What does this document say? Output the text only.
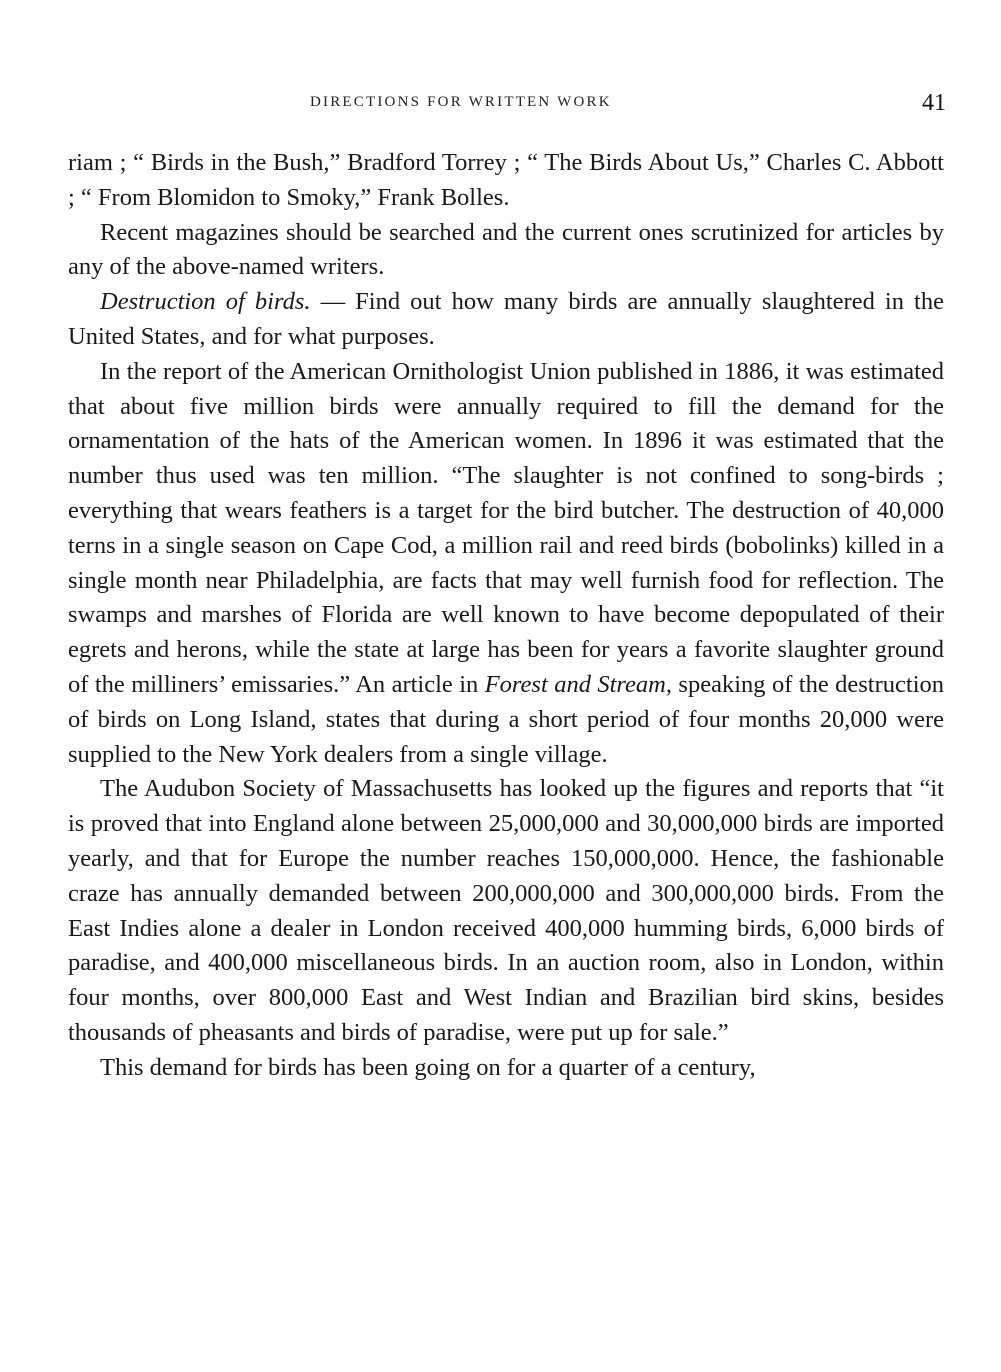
DIRECTIONS FOR WRITTEN WORK	41

riam ; “ Birds in the Bush,” Bradford Torrey ; “ The Birds About Us,” Charles C. Abbott ; “ From Blomidon to Smoky,” Frank Bolles.

Recent magazines should be searched and the current ones scrutinized for articles by any of the above-named writers.

Destruction of birds. — Find out how many birds are annually slaughtered in the United States, and for what purposes.

In the report of the American Ornithologist Union published in 1886, it was estimated that about five million birds were annually required to fill the demand for the ornamentation of the hats of the American women. In 1896 it was estimated that the number thus used was ten million. “The slaughter is not confined to song-birds ; everything that wears feathers is a target for the bird butcher. The destruction of 40,000 terns in a single season on Cape Cod, a million rail and reed birds (bobolinks) killed in a single month near Philadelphia, are facts that may well furnish food for reflection. The swamps and marshes of Florida are well known to have become depopulated of their egrets and herons, while the state at large has been for years a favorite slaughter ground of the milliners’ emissaries.” An article in Forest and Stream, speaking of the destruction of birds on Long Island, states that during a short period of four months 20,000 were supplied to the New York dealers from a single village.

The Audubon Society of Massachusetts has looked up the figures and reports that “it is proved that into England alone between 25,000,000 and 30,000,000 birds are imported yearly, and that for Europe the number reaches 150,000,000. Hence, the fashionable craze has annually demanded between 200,000,000 and 300,000,000 birds. From the East Indies alone a dealer in London received 400,000 humming birds, 6,000 birds of paradise, and 400,000 miscellaneous birds. In an auction room, also in London, within four months, over 800,000 East and West Indian and Brazilian bird skins, besides thousands of pheasants and birds of paradise, were put up for sale.”

This demand for birds has been going on for a quarter of a century,
